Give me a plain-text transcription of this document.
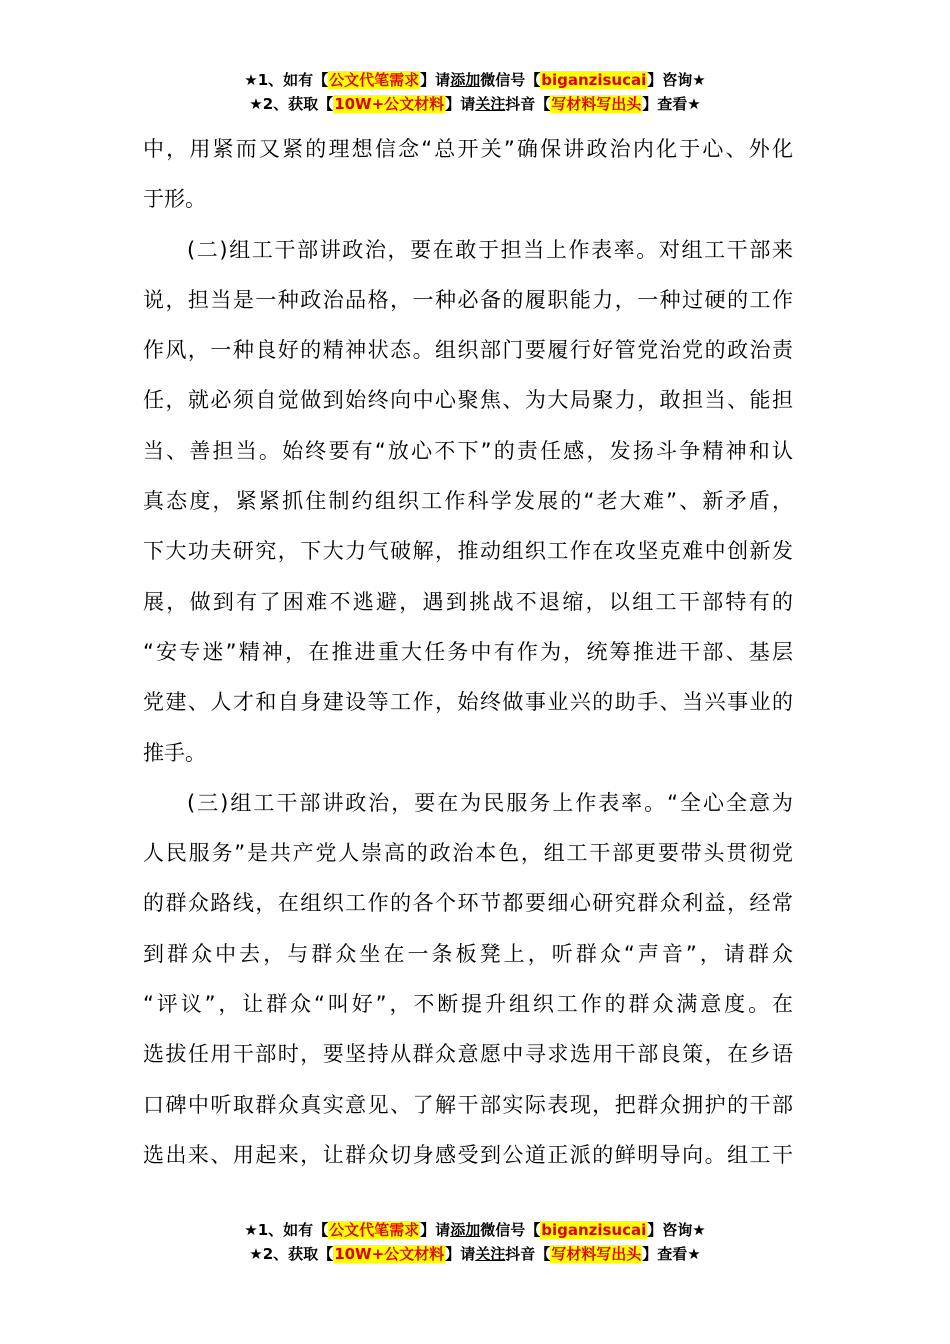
★1、如有【公文代笔需求】请添加微信号【biganzisucai】咨询★
★2、获取【10W+公文材料】请关注抖音【写材料写出头】查看★
中，用紧而又紧的理想信念“总开关”确保讲政治内化于心、外化
于形。
(二)组工干部讲政治，要在敢于担当上作表率。对组工干部来
说，担当是一种政治品格，一种必备的履职能力，一种过硬的工作
作风，一种良好的精神状态。组织部门要履行好管党治党的政治责
任，就必须自觉做到始终向中心聚焦、为大局聚力，敢担当、能担
当、善担当。始终要有“放心不下”的责任感，发扬斗争精神和认
真态度，紧紧抓住制约组织工作科学发展的“老大难”、新矛盾，
下大功夫研究，下大力气破解，推动组织工作在攻坚克难中创新发
展，做到有了困难不逃避，遇到挑战不退缩，以组工干部特有的
“安专迷”精神，在推进重大任务中有作为，统筹推进干部、基层
党建、人才和自身建设等工作，始终做事业兴的助手、当兴事业的
推手。
(三)组工干部讲政治，要在为民服务上作表率。“全心全意为
人民服务”是共产党人崇高的政治本色，组工干部更要带头贯彻党
的群众路线，在组织工作的各个环节都要细心研究群众利益，经常
到群众中去，与群众坐在一条板凳上，听群众“声音”，请群众
“评议”，让群众“叫好”，不断提升组织工作的群众满意度。在
选拔任用干部时，要坚持从群众意愿中寻求选用干部良策，在乡语
口碑中听取群众真实意见、了解干部实际表现，把群众拥护的干部
选出来、用起来，让群众切身感受到公道正派的鲜明导向。组工干
★1、如有【公文代笔需求】请添加微信号【biganzisucai】咨询★
★2、获取【10W+公文材料】请关注抖音【写材料写出头】查看★
